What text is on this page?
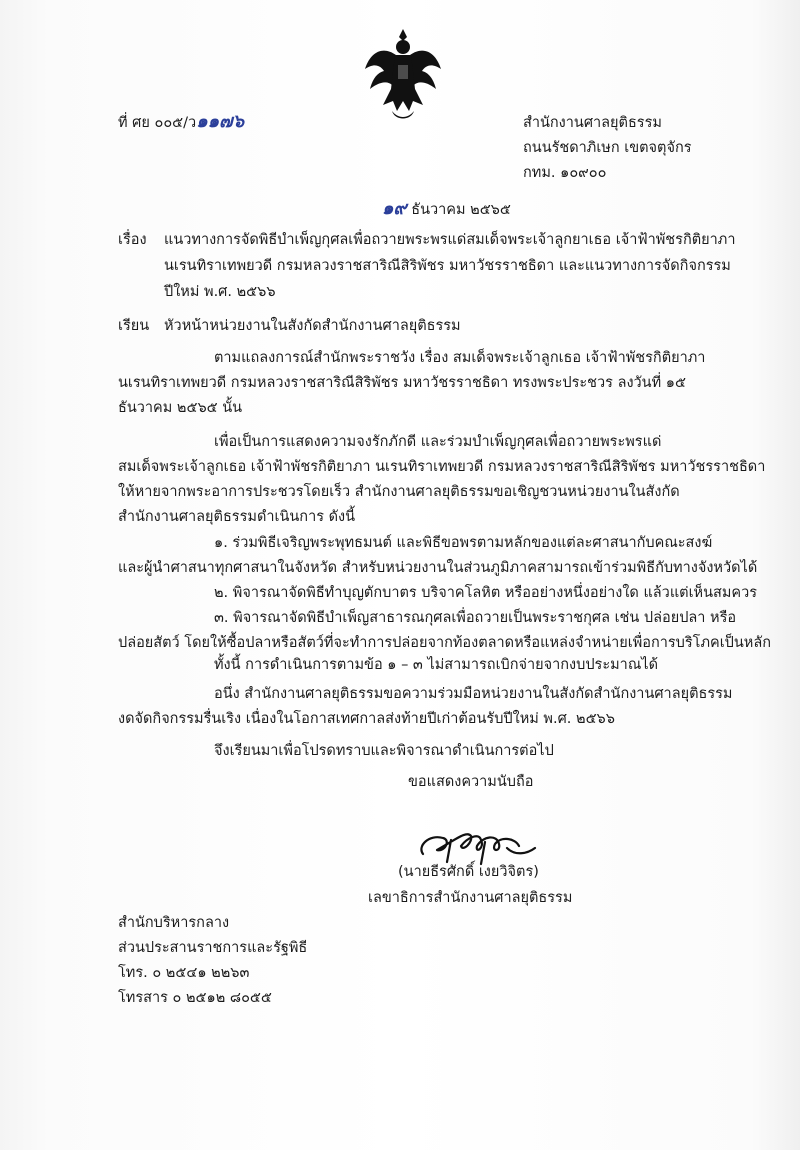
ที่ ศย ๐๐๕/ว๑๑๗๖	สำนักงานศาลยุติธรรม
ถนนรัชดาภิเษก เขตจตุจักร
กทม. ๑๐๙๐๐
๑๙ ธันวาคม ๒๕๖๕
เรื่อง แนวทางการจัดพิธีบำเพ็ญกุศลเพื่อถวายพระพรแด่สมเด็จพระเจ้าลูกยาเธอ เจ้าฟ้าพัชรกิติยาภา
นเรนทิราเทพยวดี กรมหลวงราชสาริณีสิริพัชร มหาวัชรราชธิดา และแนวทางการจัดกิจกรรม
ปีใหม่ พ.ศ. ๒๕๖๖
เรียน หัวหน้าหน่วยงานในสังกัดสำนักงานศาลยุติธรรม
ตามแถลงการณ์สำนักพระราชวัง เรื่อง สมเด็จพระเจ้าลูกเธอ เจ้าฟ้าพัชรกิติยาภา
นเรนทิราเทพยวดี กรมหลวงราชสาริณีสิริพัชร มหาวัชรราชธิดา ทรงพระประชวร ลงวันที่ ๑๕
ธันวาคม ๒๕๖๕ นั้น
เพื่อเป็นการแสดงความจงรักภักดี และร่วมบำเพ็ญกุศลเพื่อถวายพระพรแด่
สมเด็จพระเจ้าลูกเธอ เจ้าฟ้าพัชรกิติยาภา นเรนทิราเทพยวดี กรมหลวงราชสาริณีสิริพัชร มหาวัชรราชธิดา
ให้หายจากพระอาการประชวรโดยเร็ว สำนักงานศาลยุติธรรมขอเชิญชวนหน่วยงานในสังกัด
สำนักงานศาลยุติธรรมดำเนินการ ดังนี้
๑. ร่วมพิธีเจริญพระพุทธมนต์ และพิธีขอพรตามหลักของแต่ละศาสนากับคณะสงฆ์
และผู้นำศาสนาทุกศาสนาในจังหวัด สำหรับหน่วยงานในส่วนภูมิภาคสามารถเข้าร่วมพิธีกับทางจังหวัดได้
๒. พิจารณาจัดพิธีทำบุญตักบาตร บริจาคโลหิต หรืออย่างหนึ่งอย่างใด แล้วแต่เห็นสมควร
๓. พิจารณาจัดพิธีบำเพ็ญสาธารณกุศลเพื่อถวายเป็นพระราชกุศล เช่น ปล่อยปลา หรือ
ปล่อยสัตว์ โดยให้ซื้อปลาหรือสัตว์ที่จะทำการปล่อยจากท้องตลาดหรือแหล่งจำหน่ายเพื่อการบริโภคเป็นหลัก
ทั้งนี้ การดำเนินการตามข้อ ๑ – ๓ ไม่สามารถเบิกจ่ายจากงบประมาณได้
อนึ่ง สำนักงานศาลยุติธรรมขอความร่วมมือหน่วยงานในสังกัดสำนักงานศาลยุติธรรม
งดจัดกิจกรรมรื่นเริง เนื่องในโอกาสเทศกาลส่งท้ายปีเก่าต้อนรับปีใหม่ พ.ศ. ๒๕๖๖
จึงเรียนมาเพื่อโปรดทราบและพิจารณาดำเนินการต่อไป
ขอแสดงความนับถือ
(นายธีรศักดิ์ เงยวิจิตร)
เลขาธิการสำนักงานศาลยุติธรรม
สำนักบริหารกลาง
ส่วนประสานราชการและรัฐพิธี
โทร. ๐ ๒๕๔๑ ๒๒๖๓
โทรสาร ๐ ๒๕๑๒ ๘๐๕๕
